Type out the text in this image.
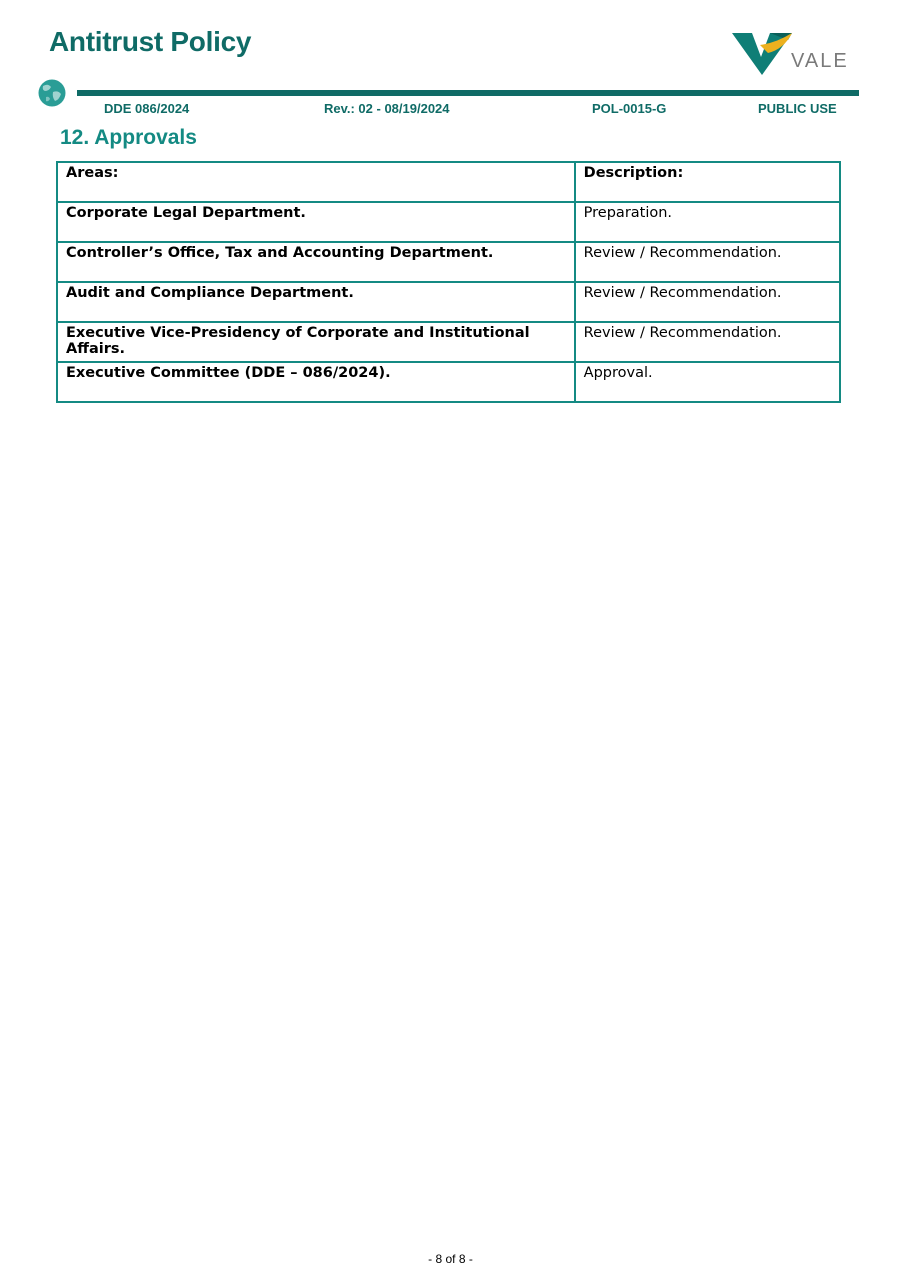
Antitrust Policy
VALE
DDE 086/2024	Rev.: 02 - 08/19/2024	POL-0015-G	PUBLIC USE
12. Approvals
Areas:	Description:
Corporate Legal Department.	Preparation.
Controller’s Office, Tax and Accounting Department.	Review / Recommendation.
Audit and Compliance Department.	Review / Recommendation.
Executive Vice-Presidency of Corporate and Institutional Affairs.	Review / Recommendation.
Executive Committee (DDE – 086/2024).	Approval.
- 8 of 8 -
